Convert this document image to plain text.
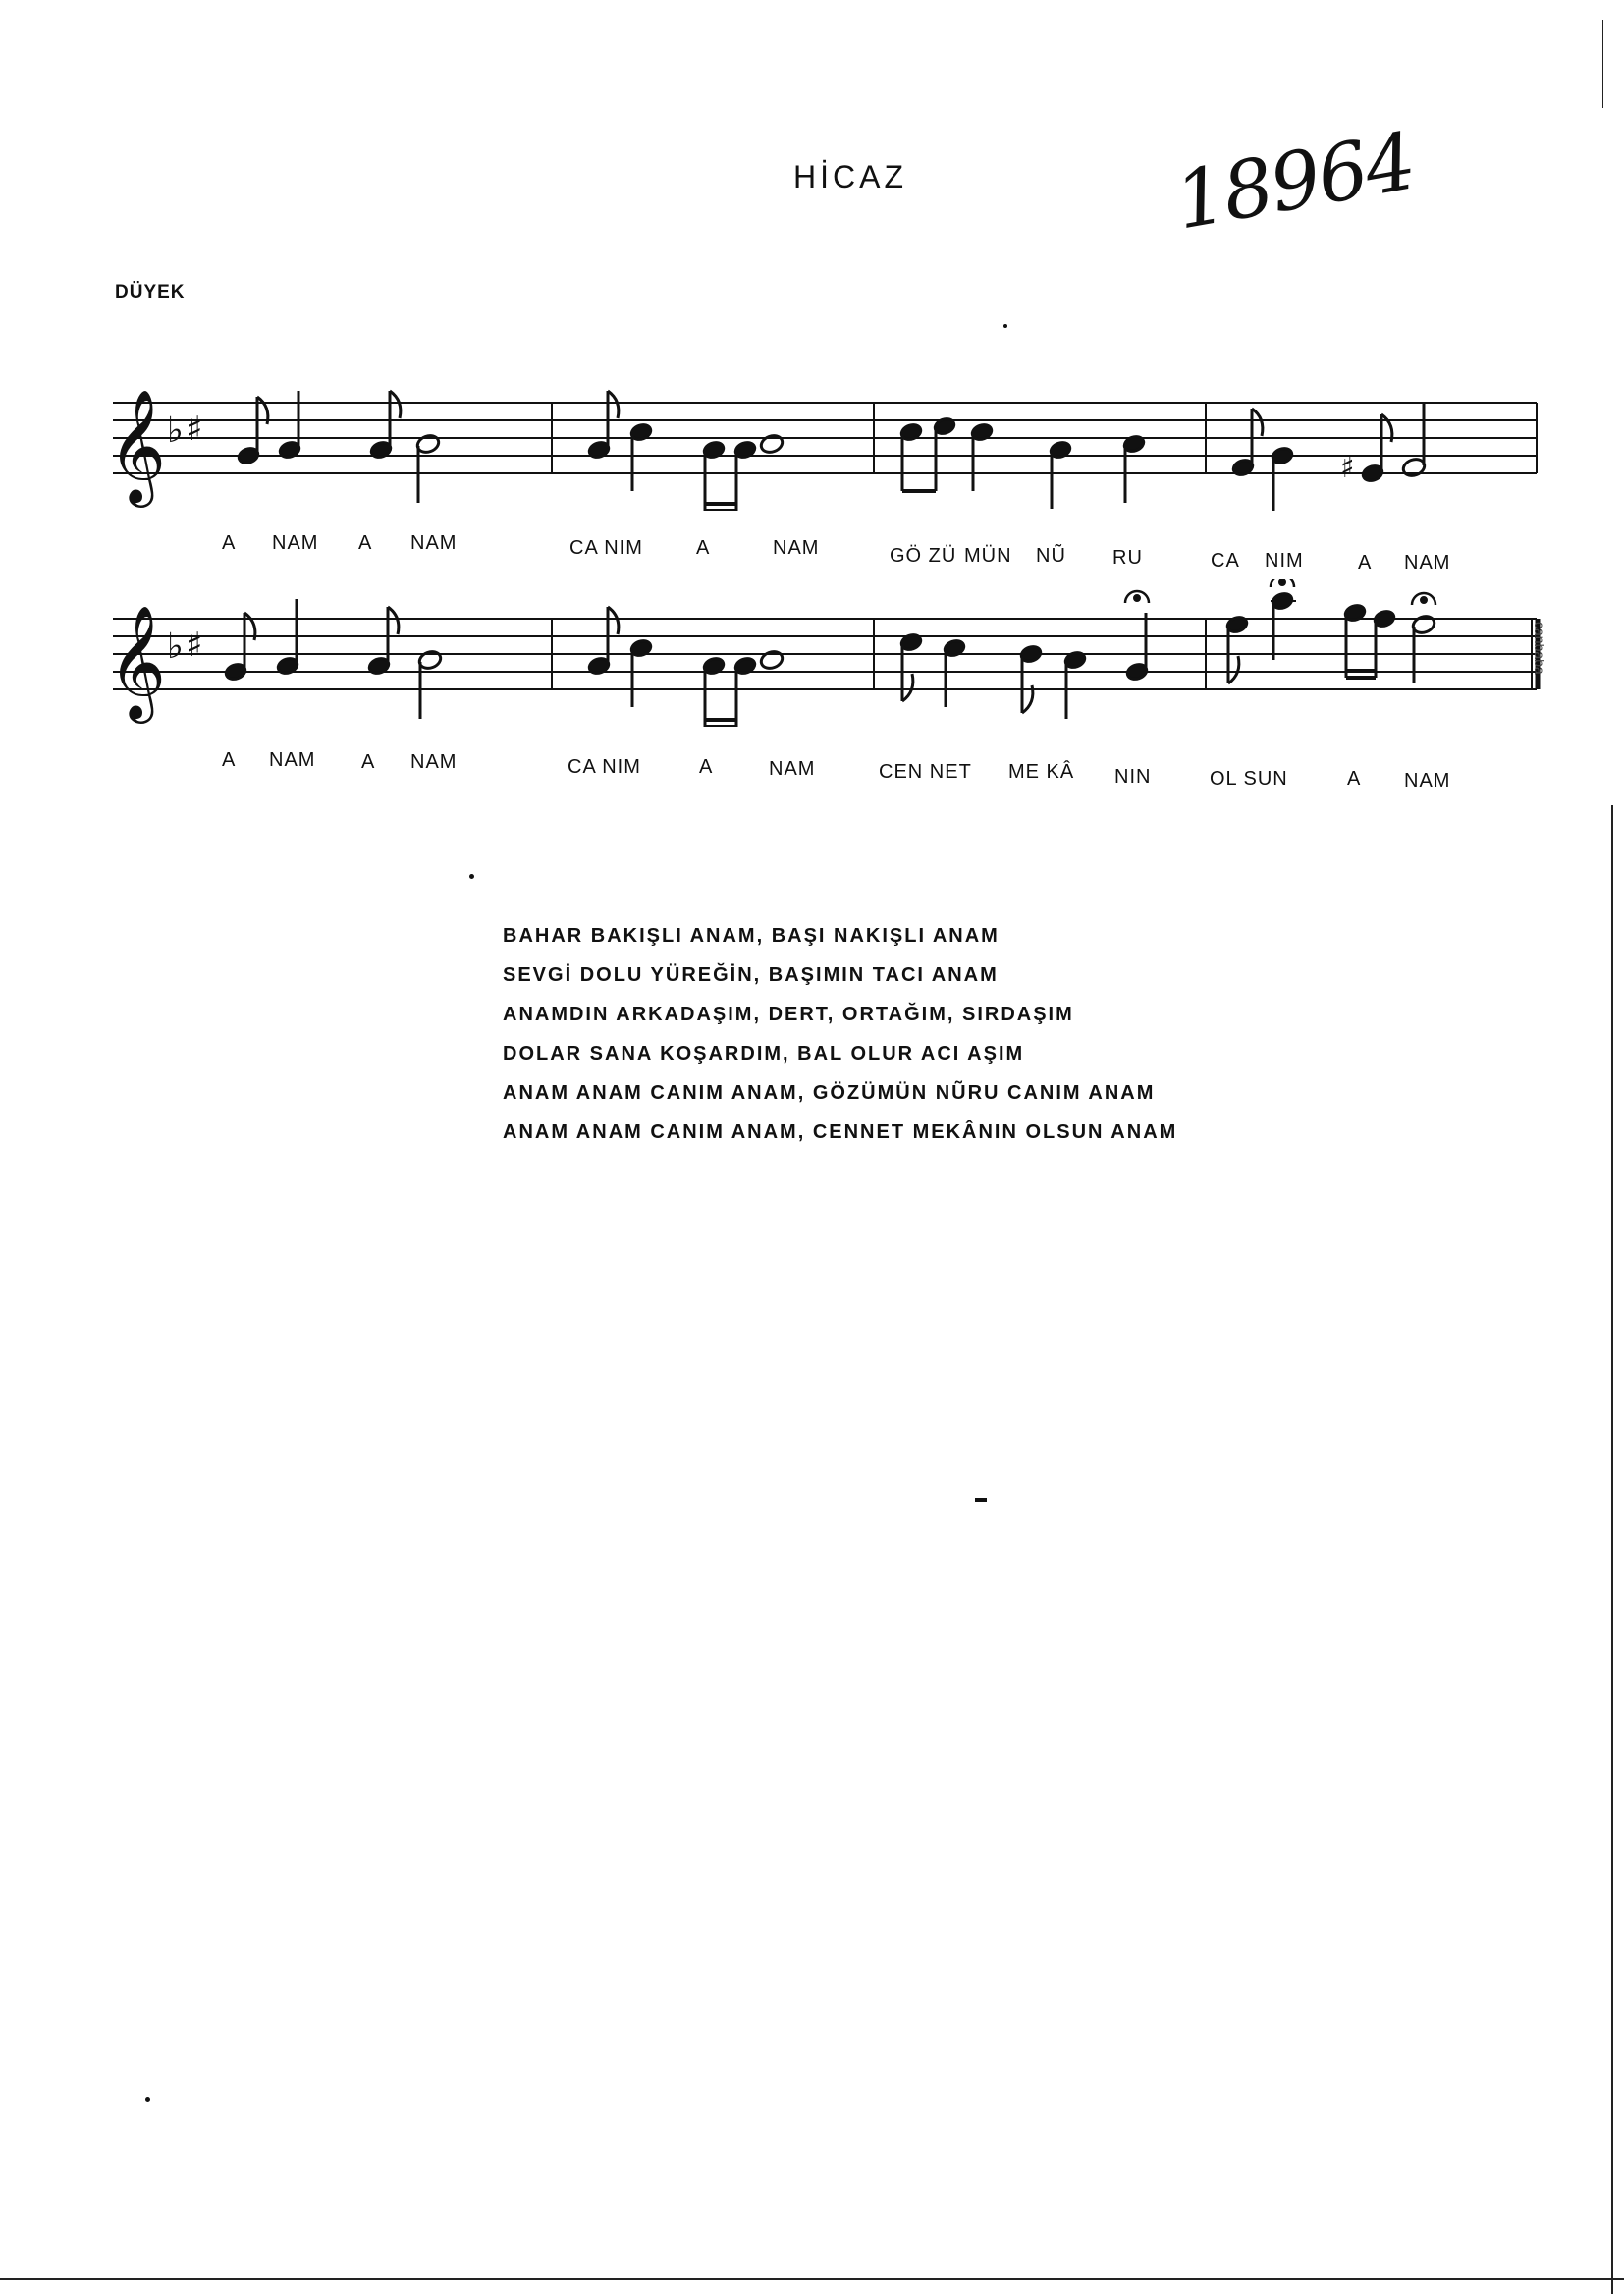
HİCAZ	18964
DÜYEK
𝄞 ♭ ♯
♯
A NAM A NAM	CA NIM	A	NAM	GÖ ZÜ MÜN NŨ RU	CA NIM	A NAM
𝄞 ♭ ♯	canbaba
A NAM A NAM	CA NIM	A	NAM	CEN NET ME KÂ NIN	OL SUN	A NAM
BAHAR BAKIŞLI ANAM, BAŞI NAKIŞLI ANAM
SEVGİ DOLU YÜREĞİN, BAŞIMIN TACI ANAM
ANAMDIN ARKADAŞIM, DERT, ORTAĞIM, SIRDAŞIM
DOLAR SANA KOŞARDIM, BAL OLUR ACI AŞIM
ANAM ANAM CANIM ANAM, GÖZÜMÜN NŨRU CANIM ANAM
ANAM ANAM CANIM ANAM, CENNET MEKÂNIN OLSUN ANAM
